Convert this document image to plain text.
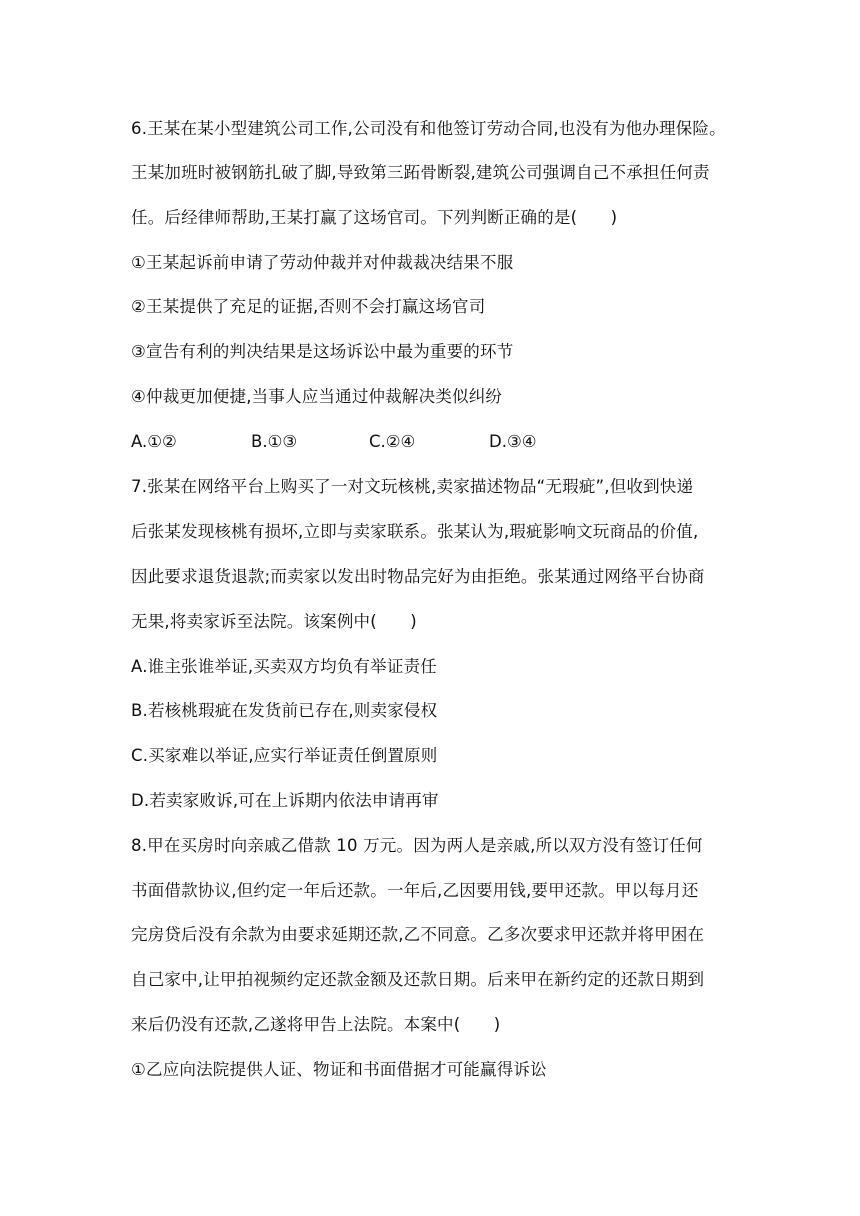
6.王某在某小型建筑公司工作,公司没有和他签订劳动合同,也没有为他办理保险。
王某加班时被钢筋扎破了脚,导致第三跖骨断裂,建筑公司强调自己不承担任何责
任。后经律师帮助,王某打赢了这场官司。下列判断正确的是(　　)
①王某起诉前申请了劳动仲裁并对仲裁裁决结果不服
②王某提供了充足的证据,否则不会打赢这场官司
③宣告有利的判决结果是这场诉讼中最为重要的环节
④仲裁更加便捷,当事人应当通过仲裁解决类似纠纷
A.①②	B.①③	C.②④	D.③④
7.张某在网络平台上购买了一对文玩核桃,卖家描述物品“无瑕疵”,但收到快递
后张某发现核桃有损坏,立即与卖家联系。张某认为,瑕疵影响文玩商品的价值,
因此要求退货退款;而卖家以发出时物品完好为由拒绝。张某通过网络平台协商
无果,将卖家诉至法院。该案例中(　　)
A.谁主张谁举证,买卖双方均负有举证责任
B.若核桃瑕疵在发货前已存在,则卖家侵权
C.买家难以举证,应实行举证责任倒置原则
D.若卖家败诉,可在上诉期内依法申请再审
8.甲在买房时向亲戚乙借款 10 万元。因为两人是亲戚,所以双方没有签订任何
书面借款协议,但约定一年后还款。一年后,乙因要用钱,要甲还款。甲以每月还
完房贷后没有余款为由要求延期还款,乙不同意。乙多次要求甲还款并将甲困在
自己家中,让甲拍视频约定还款金额及还款日期。后来甲在新约定的还款日期到
来后仍没有还款,乙遂将甲告上法院。本案中(　　)
①乙应向法院提供人证、物证和书面借据才可能赢得诉讼
